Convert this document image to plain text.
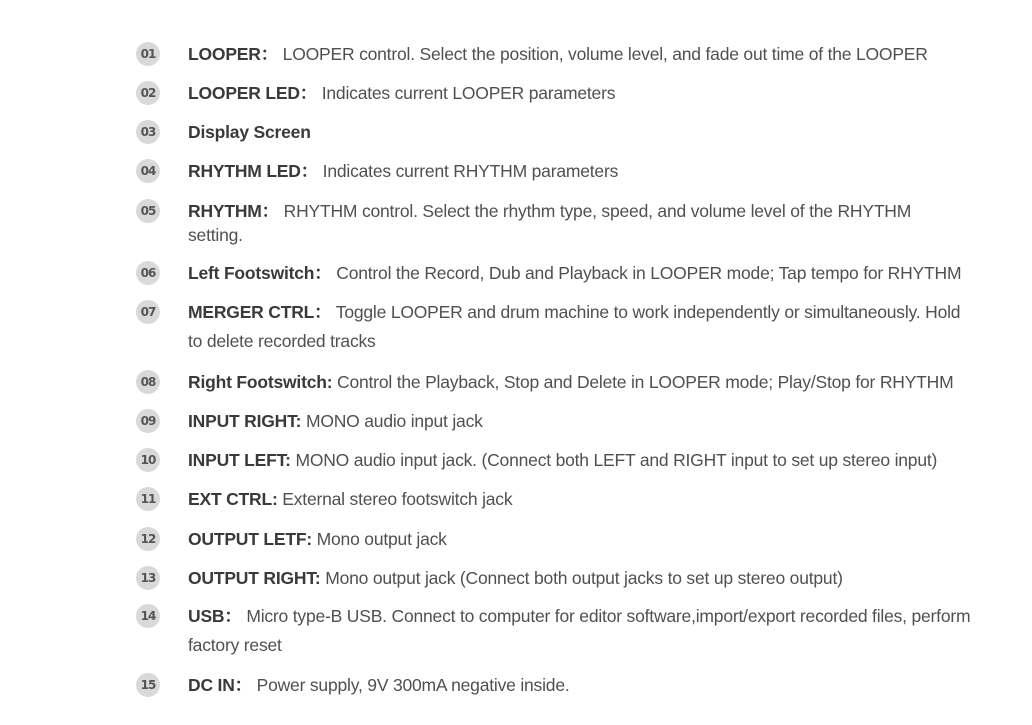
01 LOOPER： LOOPER control. Select the position, volume level, and fade out time of the LOOPER
02 LOOPER LED： Indicates current LOOPER parameters
03 Display Screen
04 RHYTHM LED： Indicates current RHYTHM parameters
05 RHYTHM： RHYTHM control. Select the rhythm type, speed, and volume level of the RHYTHM setting.
06 Left Footswitch： Control the Record, Dub and Playback in LOOPER mode; Tap tempo for RHYTHM
07 MERGER CTRL： Toggle LOOPER and drum machine to work independently or simultaneously. Hold to delete recorded tracks
08 Right Footswitch: Control the Playback, Stop and Delete in LOOPER mode; Play/Stop for RHYTHM
09 INPUT RIGHT: MONO audio input jack
10 INPUT LEFT: MONO audio input jack. (Connect both LEFT and RIGHT input to set up stereo input)
11 EXT CTRL: External stereo footswitch jack
12 OUTPUT LETF: Mono output jack
13 OUTPUT RIGHT: Mono output jack (Connect both output jacks to set up stereo output)
14 USB： Micro type-B USB. Connect to computer for editor software,import/export recorded files, perform factory reset
15 DC IN： Power supply, 9V 300mA negative inside.
